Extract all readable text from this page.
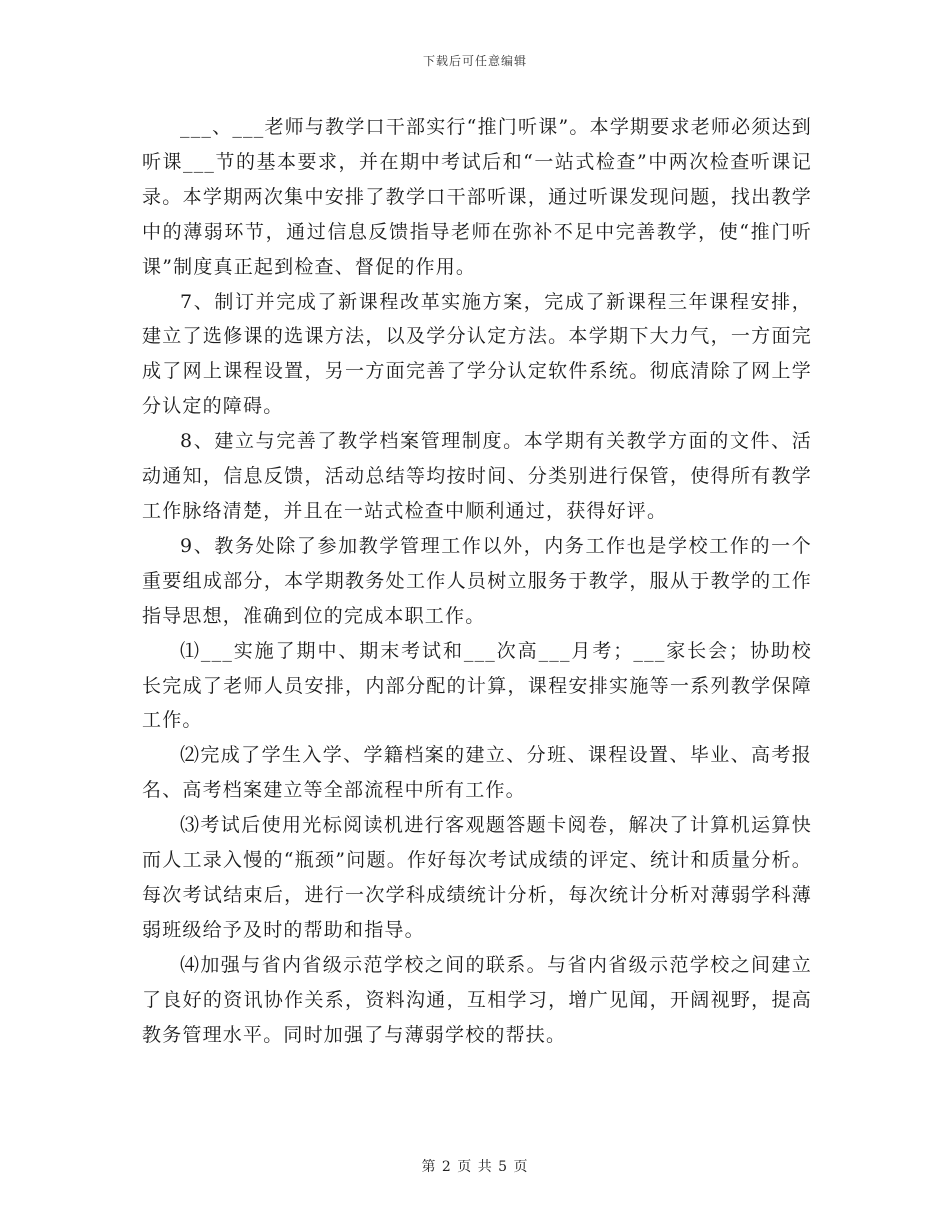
下载后可任意编辑

___、___老师与教学口干部实行“推门听课”。本学期要求老师必须达到听课___节的基本要求，并在期中考试后和“一站式检查”中两次检查听课记录。本学期两次集中安排了教学口干部听课，通过听课发现问题，找出教学中的薄弱环节，通过信息反馈指导老师在弥补不足中完善教学，使“推门听课”制度真正起到检查、督促的作用。

7、制订并完成了新课程改革实施方案，完成了新课程三年课程安排，建立了选修课的选课方法，以及学分认定方法。本学期下大力气，一方面完成了网上课程设置，另一方面完善了学分认定软件系统。彻底清除了网上学分认定的障碍。

8、建立与完善了教学档案管理制度。本学期有关教学方面的文件、活动通知，信息反馈，活动总结等均按时间、分类别进行保管，使得所有教学工作脉络清楚，并且在一站式检查中顺利通过，获得好评。

9、教务处除了参加教学管理工作以外，内务工作也是学校工作的一个重要组成部分，本学期教务处工作人员树立服务于教学，服从于教学的工作指导思想，准确到位的完成本职工作。

⑴___实施了期中、期末考试和___次高___月考；___家长会；协助校长完成了老师人员安排，内部分配的计算，课程安排实施等一系列教学保障工作。

⑵完成了学生入学、学籍档案的建立、分班、课程设置、毕业、高考报名、高考档案建立等全部流程中所有工作。

⑶考试后使用光标阅读机进行客观题答题卡阅卷，解决了计算机运算快而人工录入慢的“瓶颈”问题。作好每次考试成绩的评定、统计和质量分析。每次考试结束后，进行一次学科成绩统计分析，每次统计分析对薄弱学科薄弱班级给予及时的帮助和指导。

⑷加强与省内省级示范学校之间的联系。与省内省级示范学校之间建立了良好的资讯协作关系，资料沟通，互相学习，增广见闻，开阔视野，提高教务管理水平。同时加强了与薄弱学校的帮扶。

第 2 页 共 5 页
